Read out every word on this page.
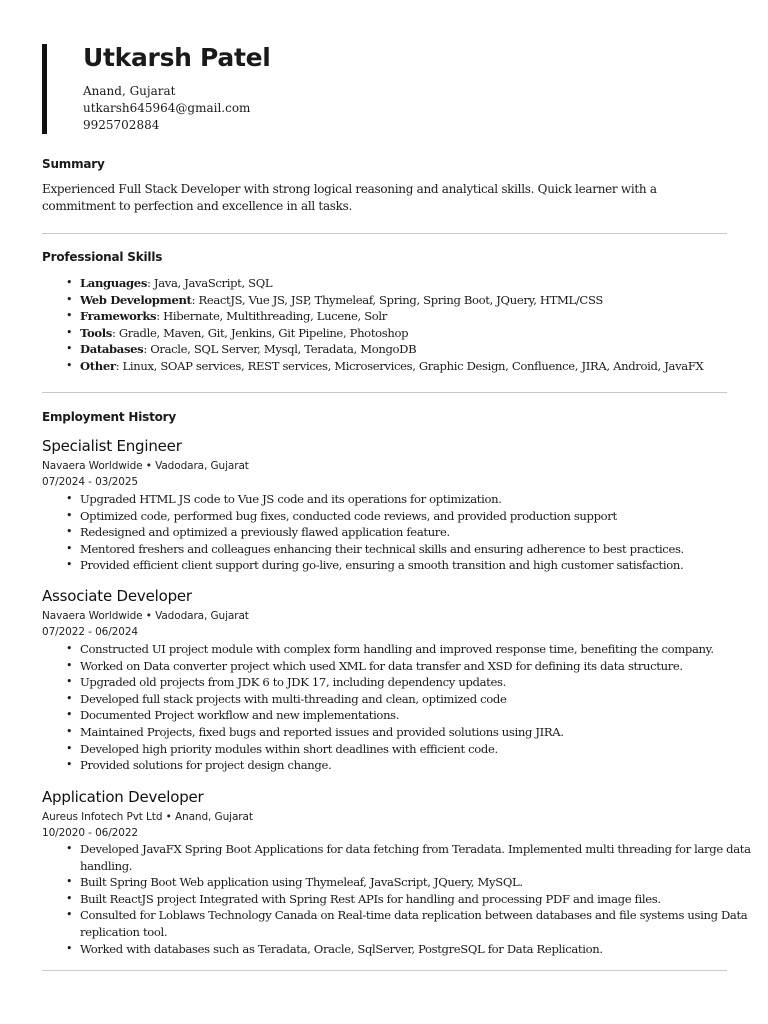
Utkarsh Patel
Anand, Gujarat
utkarsh645964@gmail.com
9925702884
Summary

Experienced Full Stack Developer with strong logical reasoning and analytical skills. Quick learner with a commitment to perfection and excellence in all tasks.

Professional Skills
• Languages: Java, JavaScript, SQL
• Web Development: ReactJS, Vue JS, JSP, Thymeleaf, Spring, Spring Boot, JQuery, HTML/CSS
• Frameworks: Hibernate, Multithreading, Lucene, Solr
• Tools: Gradle, Maven, Git, Jenkins, Git Pipeline, Photoshop
• Databases: Oracle, SQL Server, Mysql, Teradata, MongoDB
• Other: Linux, SOAP services, REST services, Microservices, Graphic Design, Confluence, JIRA, Android, JavaFX
Employment History
Specialist Engineer
Navaera Worldwide • Vadodara, Gujarat
07/2024 - 03/2025
• Upgraded HTML JS code to Vue JS code and its operations for optimization.
• Optimized code, performed bug fixes, conducted code reviews, and provided production support
• Redesigned and optimized a previously flawed application feature.
• Mentored freshers and colleagues enhancing their technical skills and ensuring adherence to best practices.
• Provided efficient client support during go-live, ensuring a smooth transition and high customer satisfaction.
Associate Developer
Navaera Worldwide • Vadodara, Gujarat
07/2022 - 06/2024
• Constructed UI project module with complex form handling and improved response time, benefiting the company.
• Worked on Data converter project which used XML for data transfer and XSD for defining its data structure.
• Upgraded old projects from JDK 6 to JDK 17, including dependency updates.
• Developed full stack projects with multi-threading and clean, optimized code
• Documented Project workflow and new implementations.
• Maintained Projects, fixed bugs and reported issues and provided solutions using JIRA.
• Developed high priority modules within short deadlines with efficient code.
• Provided solutions for project design change.
Application Developer
Aureus Infotech Pvt Ltd • Anand, Gujarat
10/2020 - 06/2022
• Developed JavaFX Spring Boot Applications for data fetching from Teradata. Implemented multi threading for large data handling.
• Built Spring Boot Web application using Thymeleaf, JavaScript, JQuery, MySQL.
• Built ReactJS project Integrated with Spring Rest APIs for handling and processing PDF and image files.
• Consulted for Loblaws Technology Canada on Real-time data replication between databases and file systems using Data replication tool.
• Worked with databases such as Teradata, Oracle, SqlServer, PostgreSQL for Data Replication.
